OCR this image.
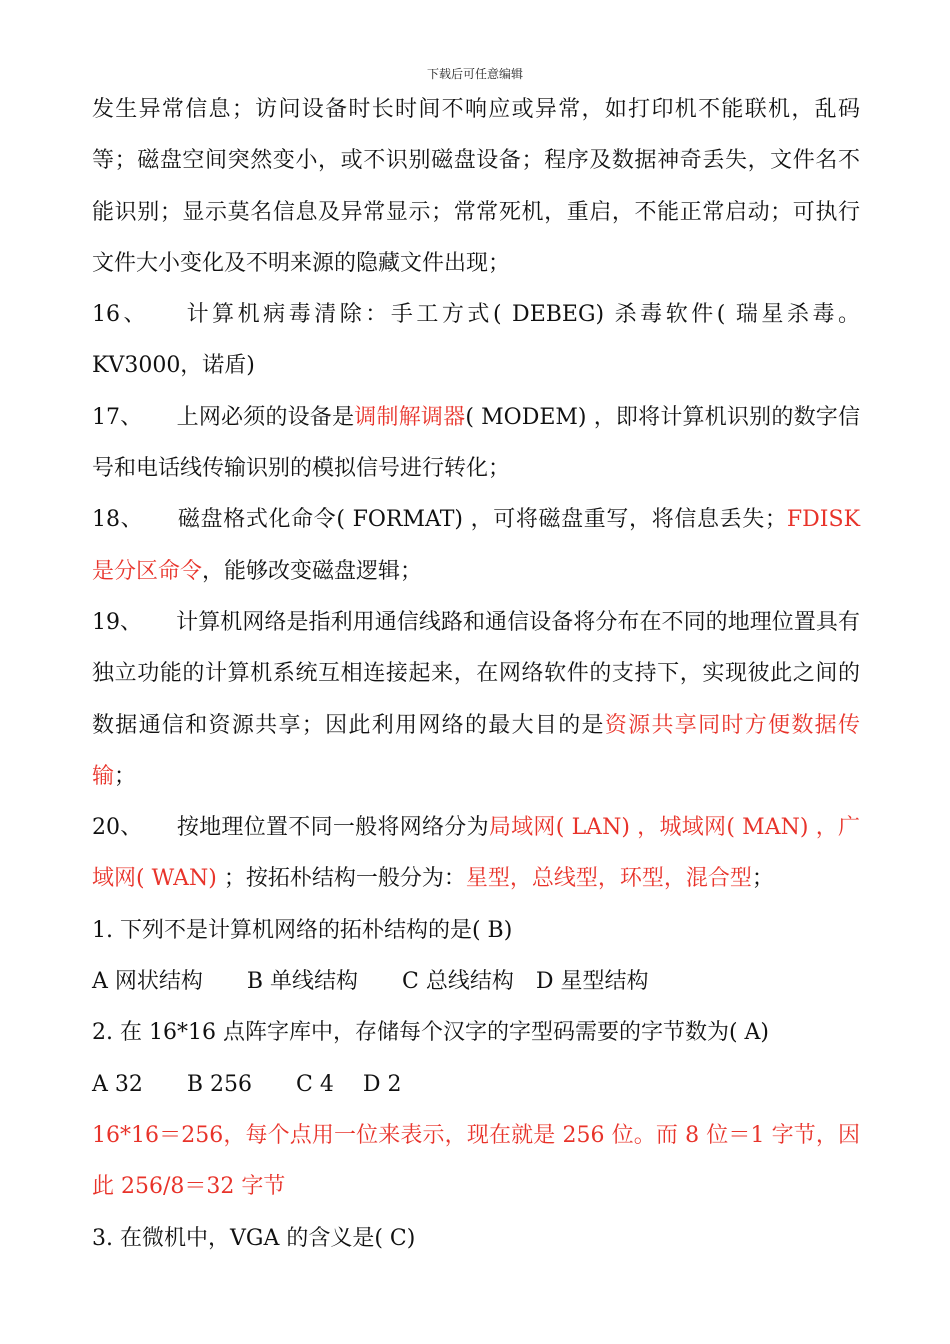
下载后可任意编辑

发生异常信息；访问设备时长时间不响应或异常，如打印机不能联机，乱码等；磁盘空间突然变小，或不识别磁盘设备；程序及数据神奇丢失，文件名不能识别；显示莫名信息及异常显示；常常死机，重启，不能正常启动；可执行文件大小变化及不明来源的隐藏文件出现；

16、 计算机病毒清除：手工方式( DEBEG) 杀毒软件( 瑞星杀毒。KV3000，诺盾)

17、 上网必须的设备是调制解调器( MODEM) ，即将计算机识别的数字信号和电话线传输识别的模拟信号进行转化；

18、 磁盘格式化命令( FORMAT) ，可将磁盘重写，将信息丢失；FDISK 是分区命令，能够改变磁盘逻辑；

19、 计算机网络是指利用通信线路和通信设备将分布在不同的地理位置具有独立功能的计算机系统互相连接起来，在网络软件的支持下，实现彼此之间的数据通信和资源共享；因此利用网络的最大目的是资源共享同时方便数据传输；

20、 按地理位置不同一般将网络分为局域网( LAN) ，城域网( MAN) ，广域网( WAN) ；按拓朴结构一般分为：星型，总线型，环型，混合型；

1. 下列不是计算机网络的拓朴结构的是( B)

A 网状结构　　B 单线结构　　C 总线结构　D 星型结构

2. 在 16*16 点阵字库中，存储每个汉字的字型码需要的字节数为( A)

A 32　　B 256　　C 4　 D 2

16*16＝256，每个点用一位来表示，现在就是 256 位。而 8 位＝1 字节，因此 256/8＝32 字节

3. 在微机中，VGA 的含义是( C)
